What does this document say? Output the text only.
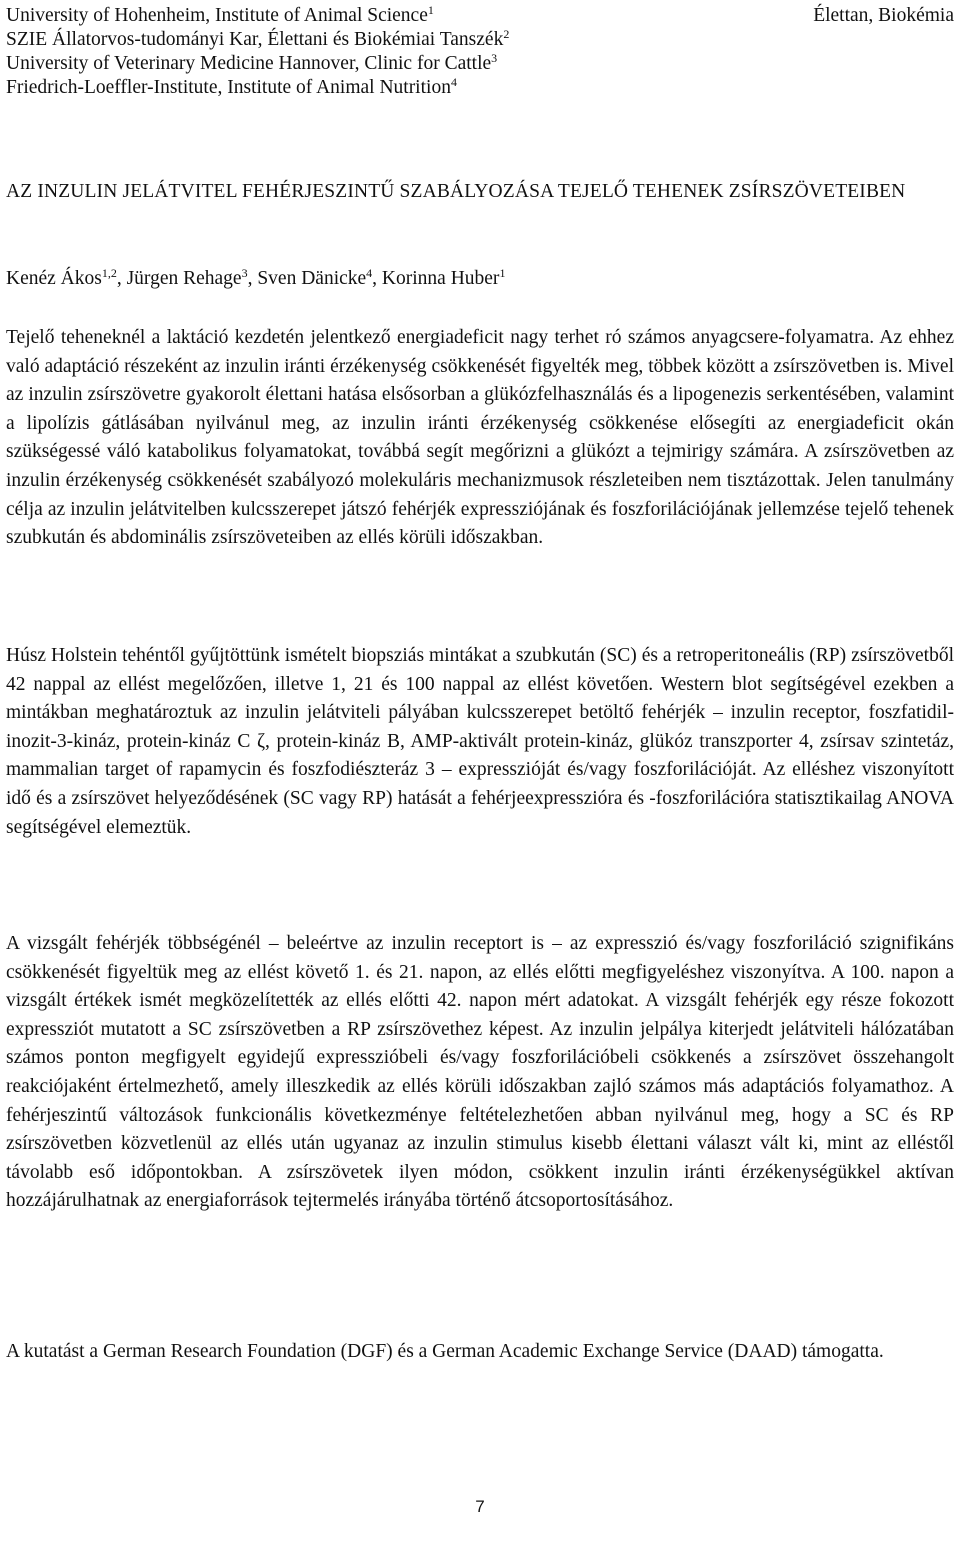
University of Hohenheim, Institute of Animal Science$^1$
SZIE Állatorvos-tudományi Kar, Élettani és Biokémiai Tanszék$^2$
University of Veterinary Medicine Hannover, Clinic for Cattle$^3$
Friedrich-Loeffler-Institute, Institute of Animal Nutrition$^4$
Élettan, Biokémia
AZ INZULIN JELÁTVITEL FEHÉRJESZINTŰ SZABÁLYOZÁSA TEJELŐ TEHENEK ZSÍRSZÖVETEIBEN
Kenéz Ákos$^{1,2}$, Jürgen Rehage$^3$, Sven Dänicke$^4$, Korinna Huber$^1$

Tejelő teheneknél a laktáció kezdetén jelentkező energiadeficit nagy terhet ró számos anyagcsere-folyamatra. Az ehhez való adaptáció részeként az inzulin iránti érzékenység csökkenését figyelték meg, többek között a zsírszövetben is. Mivel az inzulin zsírszövetre gyakorolt élettani hatása elsősorban a glükózfelhasználás és a lipogenezis serkentésében, valamint a lipolízis gátlásában nyilvánul meg, az inzulin iránti érzékenység csökkenése elősegíti az energiadeficit okán szükségessé váló katabolikus folyamatokat, továbbá segít megőrizni a glükózt a tejmirigy számára. A zsírszövetben az inzulin érzékenység csökkenését szabályozó molekuláris mechanizmusok részleteiben nem tisztázottak. Jelen tanulmány célja az inzulin jelátvitelben kulcsszerepet játszó fehérjék expressziójának és foszforilációjának jellemzése tejelő tehenek szubkután és abdominális zsírszöveteiben az ellés körüli időszakban.

Húsz Holstein tehéntől gyűjtöttünk ismételt biopsziás mintákat a szubkután (SC) és a retroperitoneális (RP) zsírszövetből 42 nappal az ellést megelőzően, illetve 1, 21 és 100 nappal az ellést követően. Western blot segítségével ezekben a mintákban meghatároztuk az inzulin jelátviteli pályában kulcsszerepet betöltő fehérjék – inzulin receptor, foszfatidil-inozit-3-kináz, protein-kináz C ζ, protein-kináz B, AMP-aktivált protein-kináz, glükóz transzporter 4, zsírsav szintetáz, mammalian target of rapamycin és foszfodiészteráz 3 – expresszióját és/vagy foszforilációját. Az elléshez viszonyított idő és a zsírszövet helyeződésének (SC vagy RP) hatását a fehérjeexpresszióra és -foszforilációra statisztikailag ANOVA segítségével elemeztük.

A vizsgált fehérjék többségénél – beleértve az inzulin receptort is – az expresszió és/vagy foszforiláció szignifikáns csökkenését figyeltük meg az ellést követő 1. és 21. napon, az ellés előtti megfigyeléshez viszonyítva. A 100. napon a vizsgált értékek ismét megközelítették az ellés előtti 42. napon mért adatokat. A vizsgált fehérjék egy része fokozott expressziót mutatott a SC zsírszövetben a RP zsírszövethez képest. Az inzulin jelpálya kiterjedt jelátviteli hálózatában számos ponton megfigyelt egyidejű expresszióbeli és/vagy foszforilációbeli csökkenés a zsírszövet összehangolt reakciójaként értelmezhető, amely illeszkedik az ellés körüli időszakban zajló számos más adaptációs folyamathoz. A fehérjeszintű változások funkcionális következménye feltételezhetően abban nyilvánul meg, hogy a SC és RP zsírszövetben közvetlenül az ellés után ugyanaz az inzulin stimulus kisebb élettani választ vált ki, mint az elléstől távolabb eső időpontokban. A zsírszövetek ilyen módon, csökkent inzulin iránti érzékenységükkel aktívan hozzájárulhatnak az energiaforrások tejtermelés irányába történő átcsoportosításához.

A kutatást a German Research Foundation (DGF) és a German Academic Exchange Service (DAAD) támogatta.

7
